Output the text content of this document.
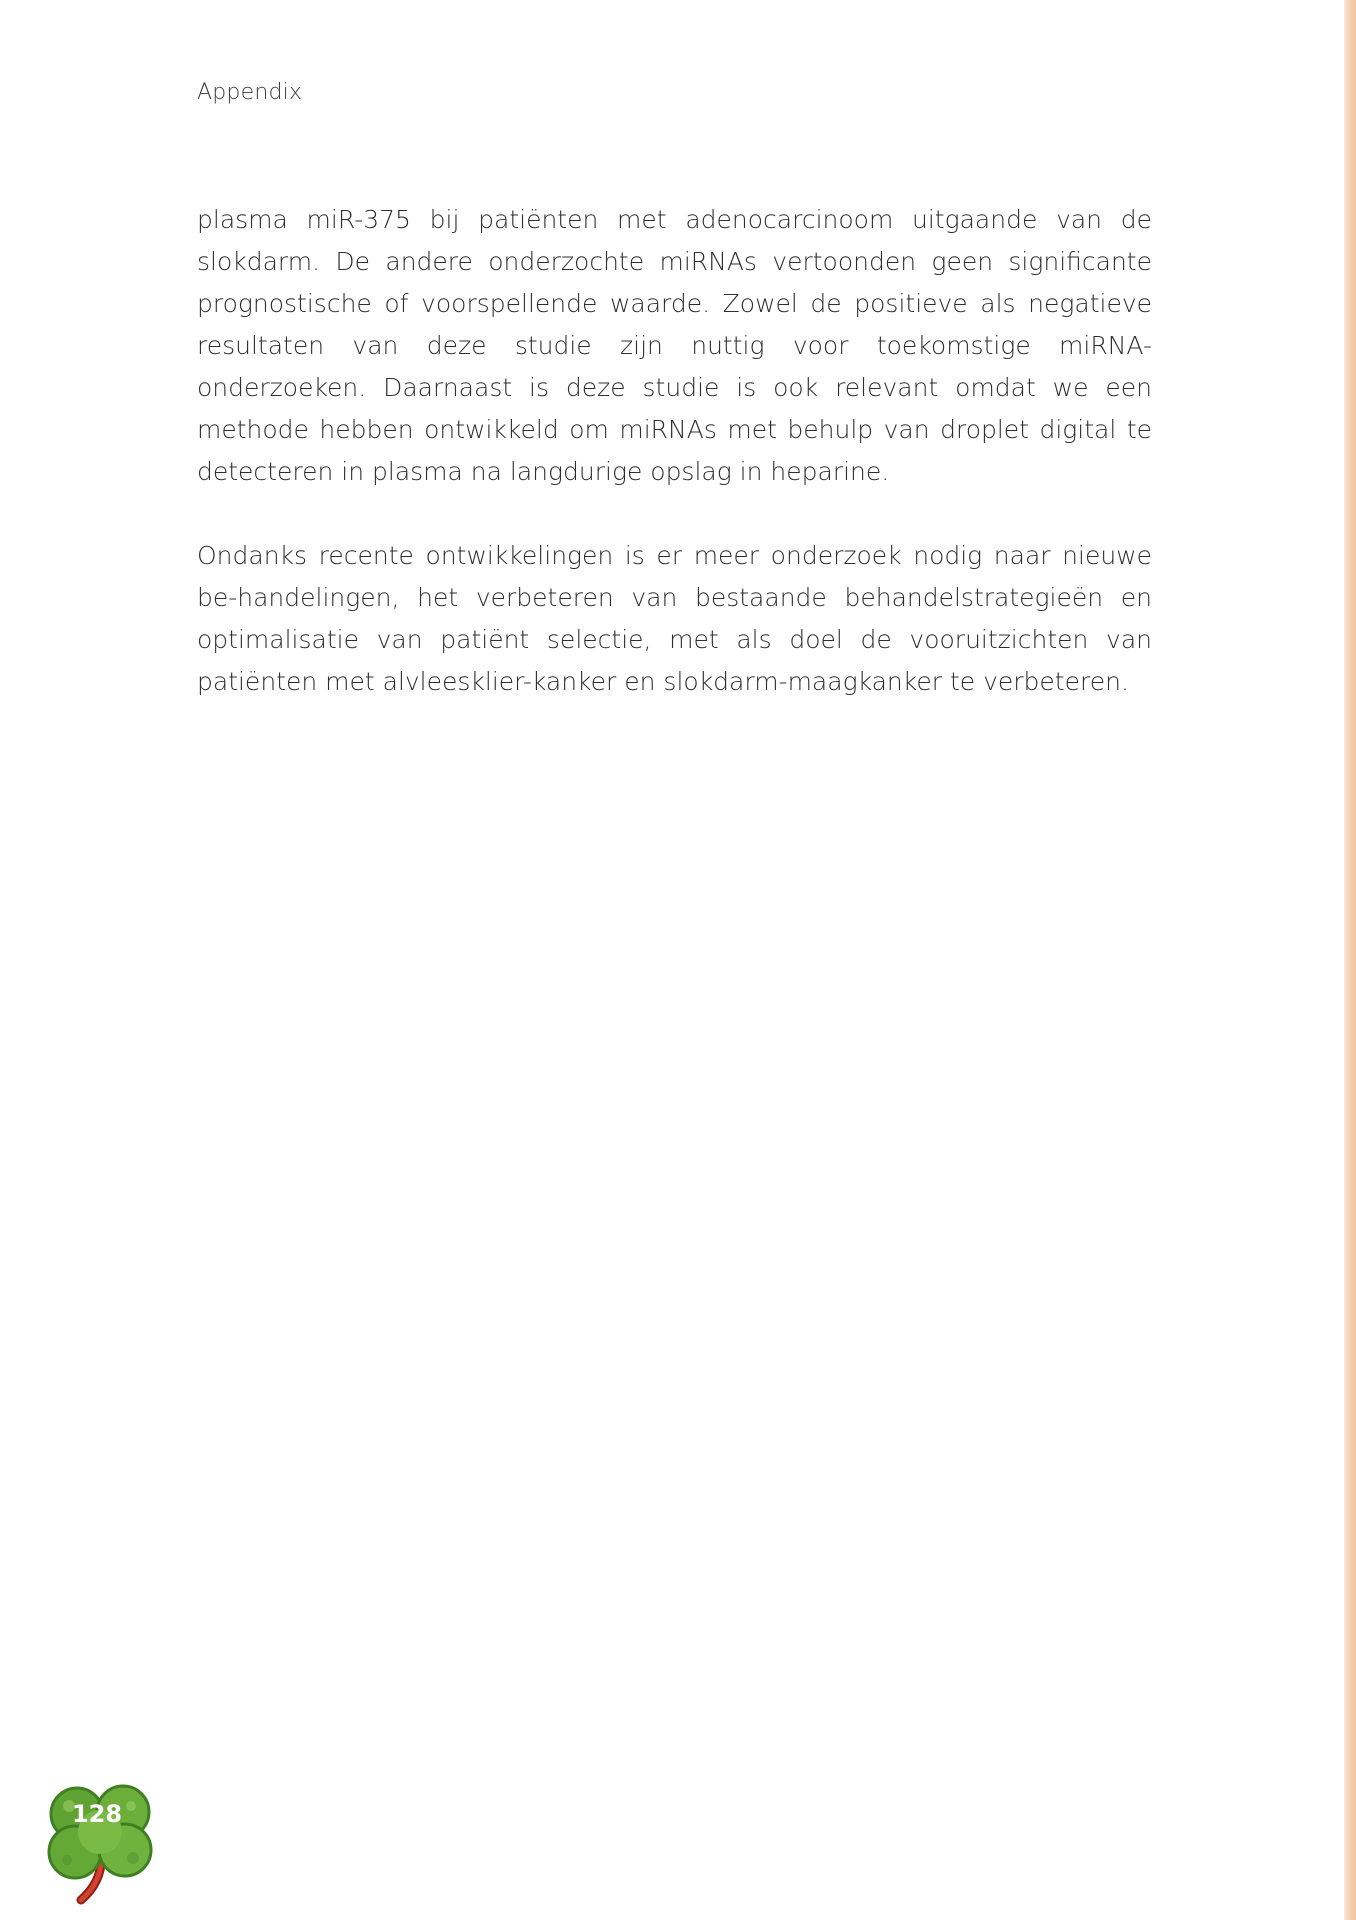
Appendix

plasma miR-375 bij patiënten met adenocarcinoom uitgaande van de slokdarm. De andere onderzochte miRNAs vertoonden geen significante prognostische of voorspellende waarde. Zowel de positieve als negatieve resultaten van deze studie zijn nuttig voor toekomstige miRNA-onderzoeken. Daarnaast is deze studie is ook relevant omdat we een methode hebben ontwikkeld om miRNAs met behulp van droplet digital te detecteren in plasma na langdurige opslag in heparine.

Ondanks recente ontwikkelingen is er meer onderzoek nodig naar nieuwe be-handelingen, het verbeteren van bestaande behandelstrategieën en optimalisatie van patiënt selectie, met als doel de vooruitzichten van patiënten met alvleesklier-kanker en slokdarm-maagkanker te verbeteren.

128
